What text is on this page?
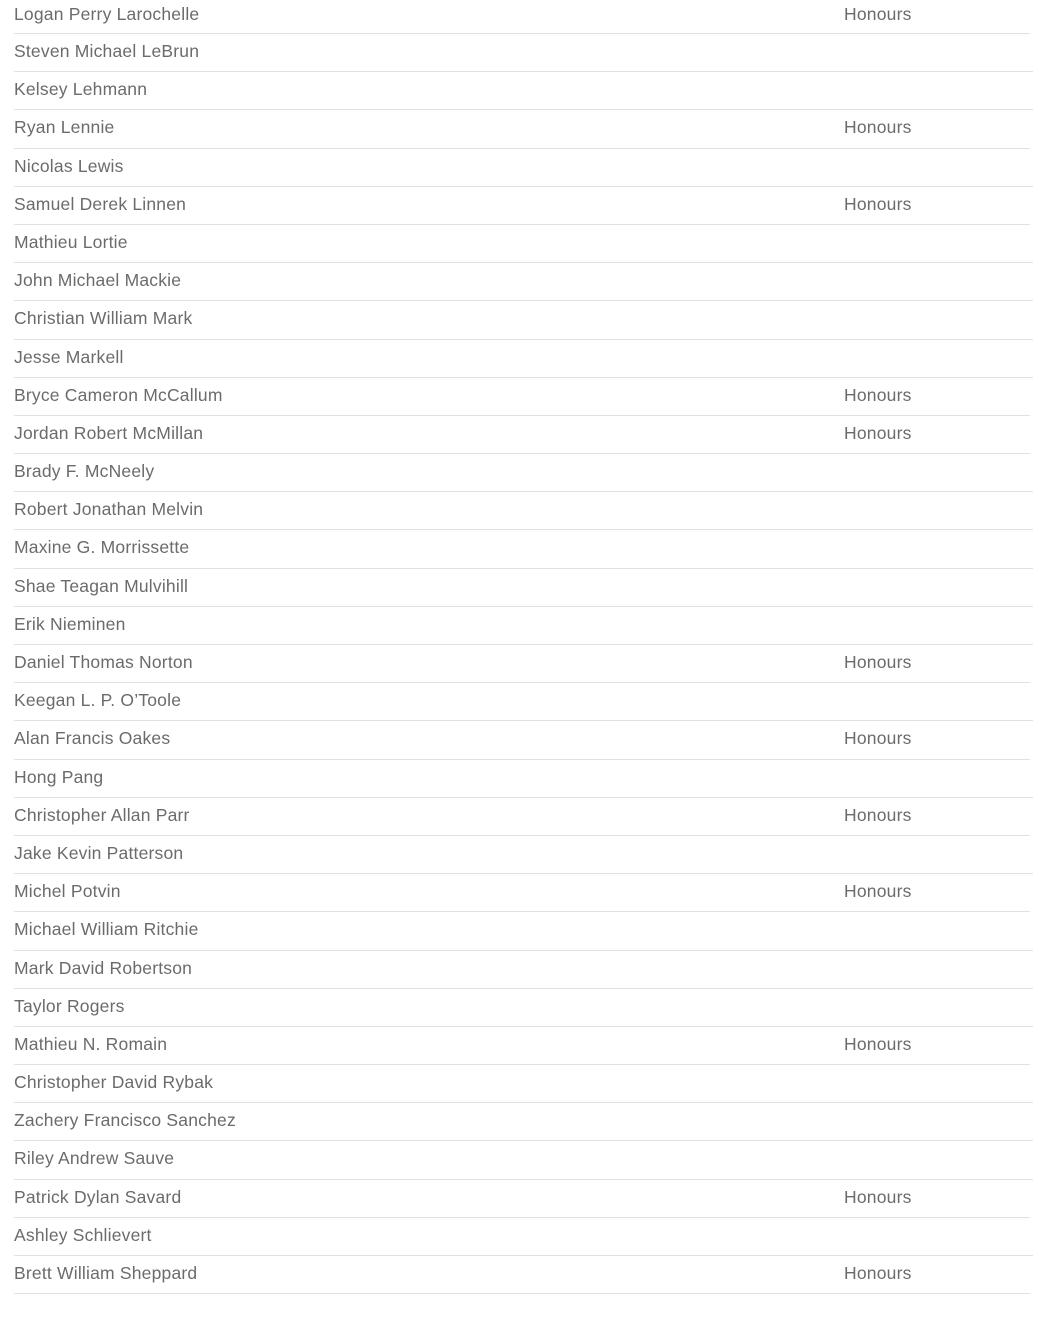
Logan Perry Larochelle	Honours
Steven Michael LeBrun
Kelsey Lehmann
Ryan Lennie	Honours
Nicolas Lewis
Samuel Derek Linnen	Honours
Mathieu Lortie
John Michael Mackie
Christian William Mark
Jesse Markell
Bryce Cameron McCallum	Honours
Jordan Robert McMillan	Honours
Brady F. McNeely
Robert Jonathan Melvin
Maxine G. Morrissette
Shae Teagan Mulvihill
Erik Nieminen
Daniel Thomas Norton	Honours
Keegan L. P. O’Toole
Alan Francis Oakes	Honours
Hong Pang
Christopher Allan Parr	Honours
Jake Kevin Patterson
Michel Potvin	Honours
Michael William Ritchie
Mark David Robertson
Taylor Rogers
Mathieu N. Romain	Honours
Christopher David Rybak
Zachery Francisco Sanchez
Riley Andrew Sauve
Patrick Dylan Savard	Honours
Ashley Schlievert
Brett William Sheppard	Honours
